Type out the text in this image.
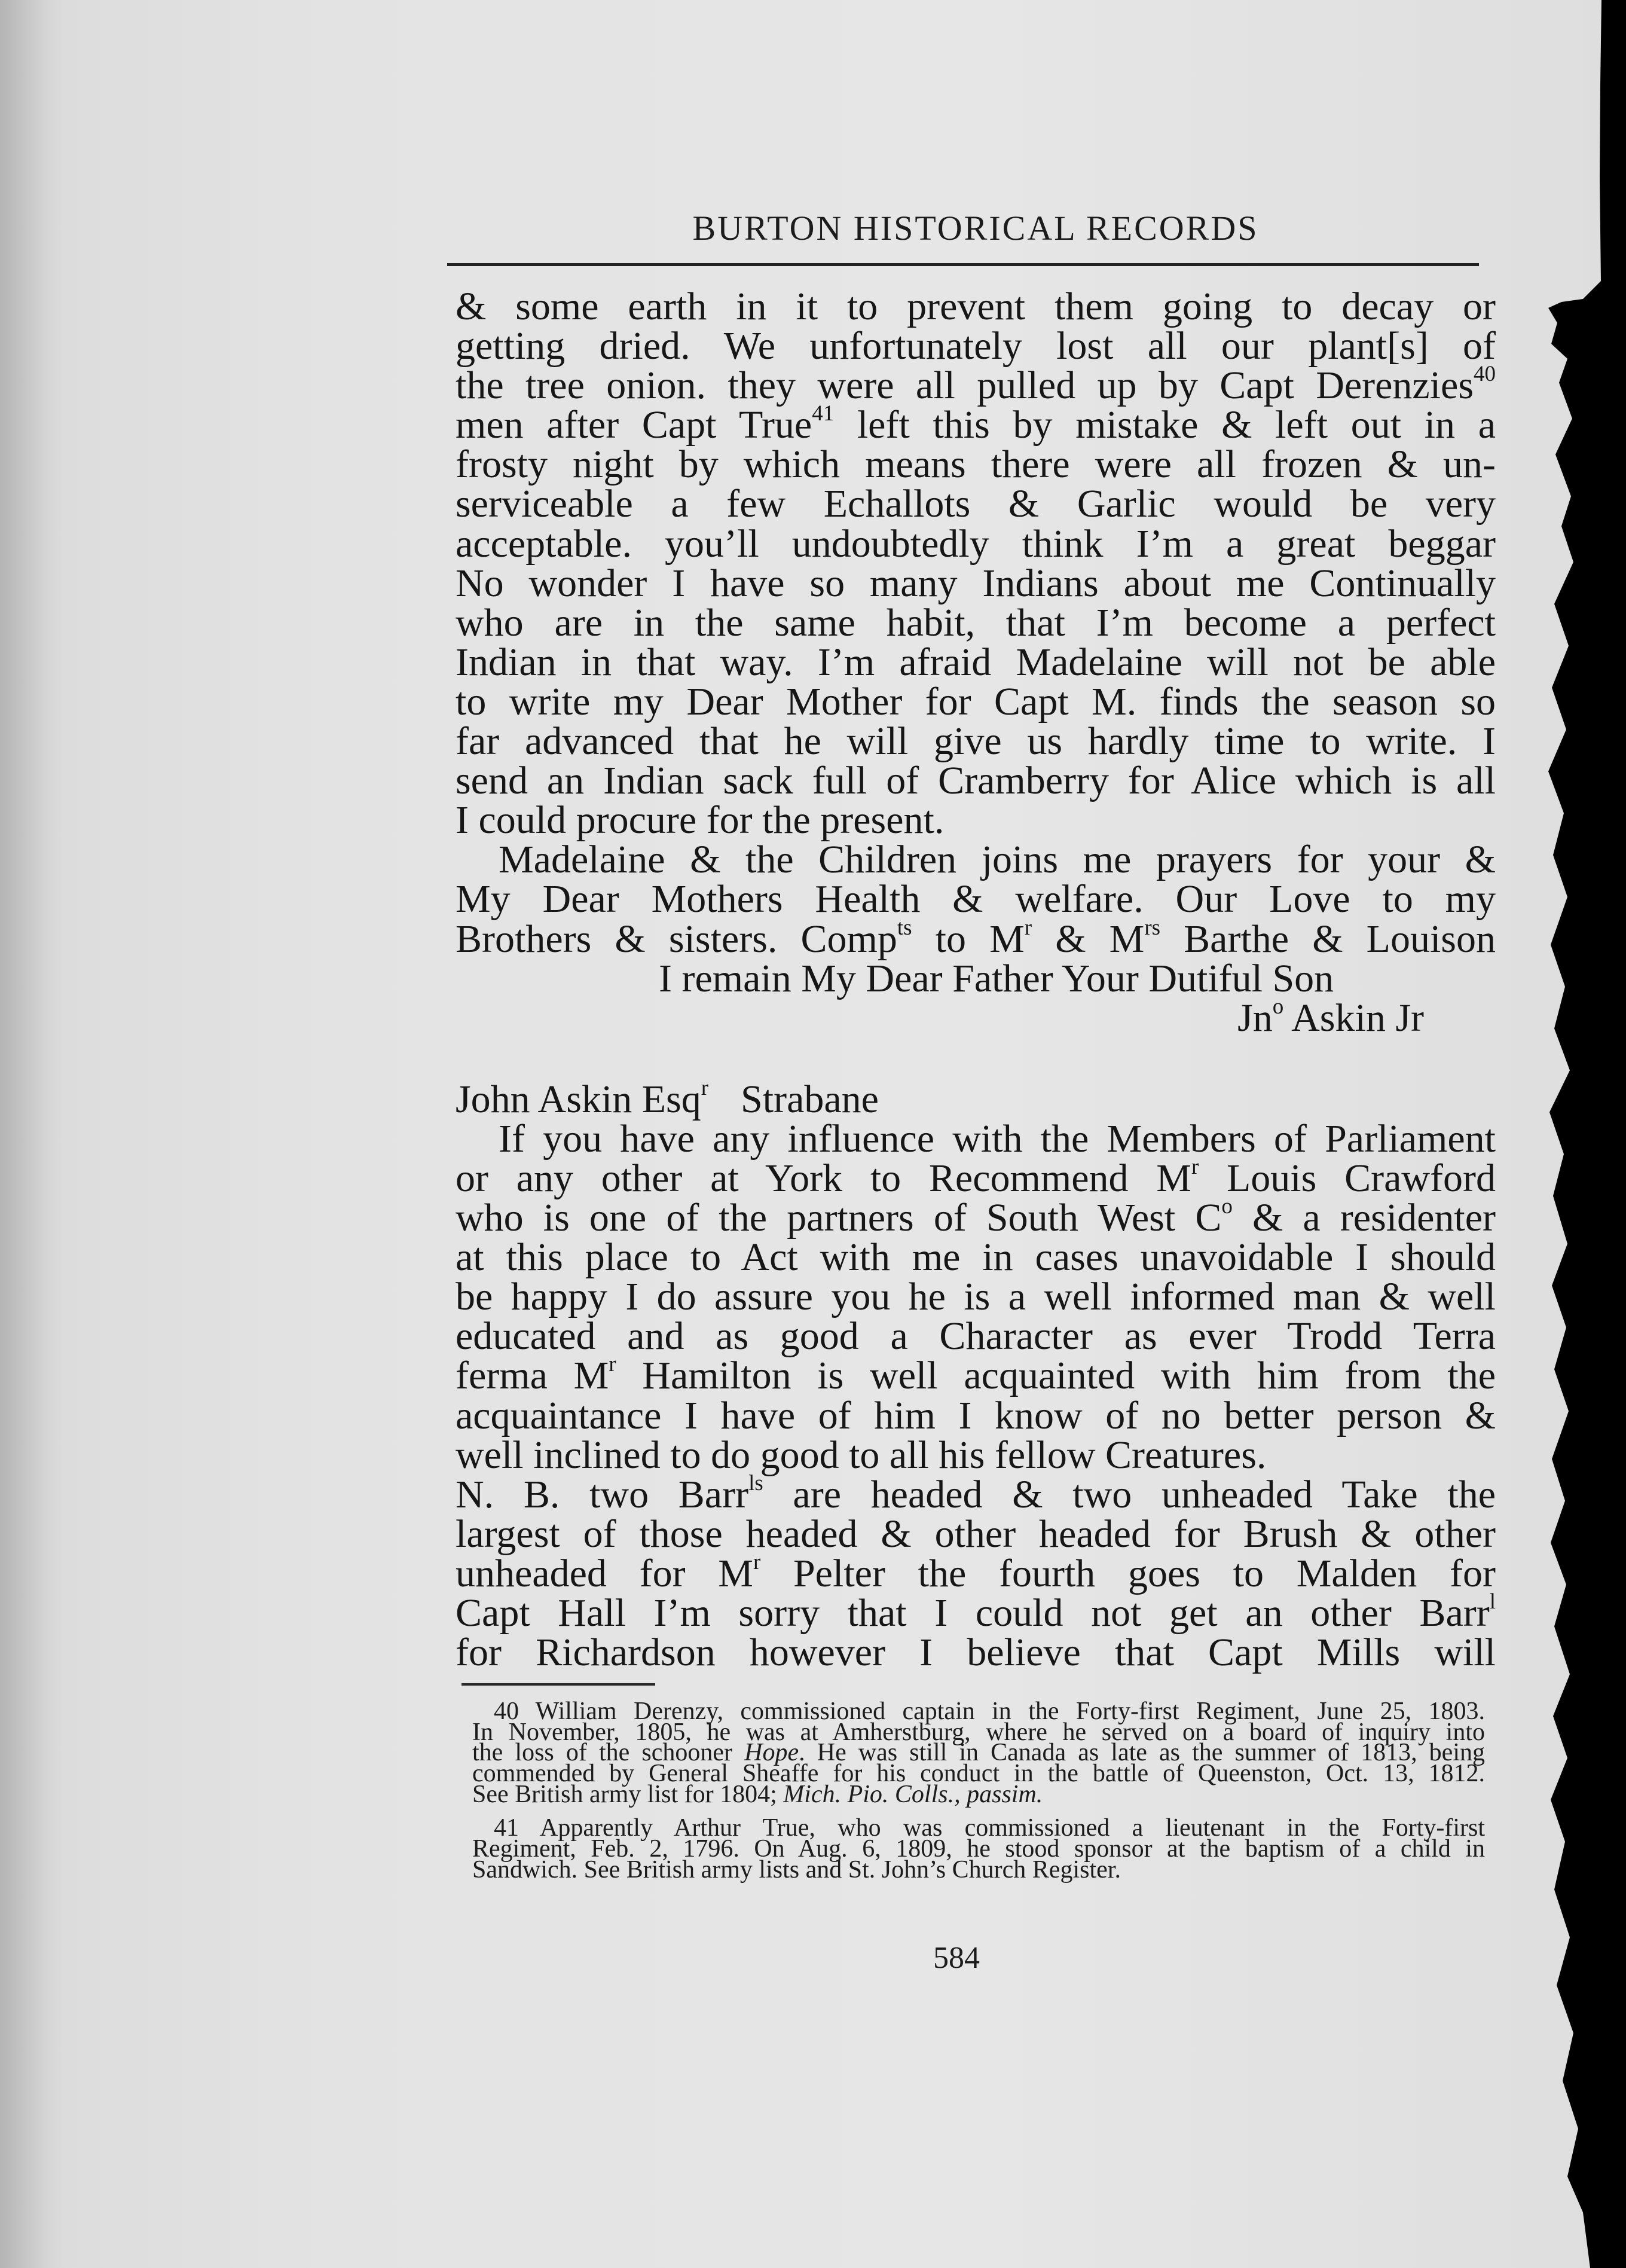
BURTON HISTORICAL RECORDS
& some earth in it to prevent them going to decay or
getting dried. We unfortunately lost all our plant[s] of
the tree onion. they were all pulled up by Capt Derenzies$^{40}$
men after Capt True$^{41}$ left this by mistake & left out in a
frosty night by which means there were all frozen & un-
serviceable a few Echallots & Garlic would be very
acceptable. you’ll undoubtedly think I’m a great beggar
No wonder I have so many Indians about me Continually
who are in the same habit, that I’m become a perfect
Indian in that way. I’m afraid Madelaine will not be able
to write my Dear Mother for Capt M. finds the season so
far advanced that he will give us hardly time to write. I
send an Indian sack full of Cramberry for Alice which is all
I could procure for the present.
Madelaine & the Children joins me prayers for your &
My Dear Mothers Health & welfare. Our Love to my
Brothers & sisters. Comp$^{ts}$ to $M^r$ & $M^{rs}$ Barthe & Louison
I remain My Dear Father Your Dutiful Son
Jn$^o$ Askin Jr
John Askin Esq$^r$ Strabane
If you have any influence with the Members of Parliament
or any other at York to Recommend $M^r$ Louis Crawford
who is one of the partners of South West $C^o$ & a residenter
at this place to Act with me in cases unavoidable I should
be happy I do assure you he is a well informed man & well
educated and as good a Character as ever Trodd Terra
ferma $M^r$ Hamilton is well acquainted with him from the
acquaintance I have of him I know of no better person &
well inclined to do good to all his fellow Creatures.
N. B. two Barr$^{ls}$ are headed & two unheaded Take the
largest of those headed & other headed for Brush & other
unheaded for $M^r$ Pelter the fourth goes to Malden for
Capt Hall I’m sorry that I could not get an other Barr$^l$
for Richardson however I believe that Capt Mills will
40 William Derenzy, commissioned captain in the Forty-first Regiment, June 25, 1803.
In November, 1805, he was at Amherstburg, where he served on a board of inquiry into
the loss of the schooner Hope. He was still in Canada as late as the summer of 1813, being
commended by General Sheaffe for his conduct in the battle of Queenston, Oct. 13, 1812.
See British army list for 1804; Mich. Pio. Colls., passim.
41 Apparently Arthur True, who was commissioned a lieutenant in the Forty-first
Regiment, Feb. 2, 1796. On Aug. 6, 1809, he stood sponsor at the baptism of a child in
Sandwich. See British army lists and St. John’s Church Register.
584
